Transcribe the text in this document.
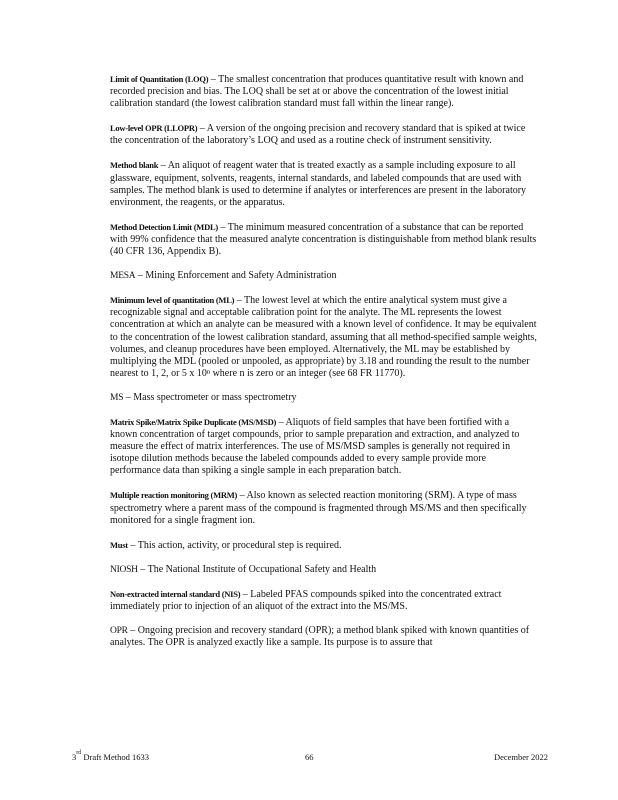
Limit of Quantitation (LOQ) – The smallest concentration that produces quantitative result with known and recorded precision and bias. The LOQ shall be set at or above the concentration of the lowest initial calibration standard (the lowest calibration standard must fall within the linear range).

Low-level OPR (LLOPR) – A version of the ongoing precision and recovery standard that is spiked at twice the concentration of the laboratory’s LOQ and used as a routine check of instrument sensitivity.

Method blank – An aliquot of reagent water that is treated exactly as a sample including exposure to all glassware, equipment, solvents, reagents, internal standards, and labeled compounds that are used with samples. The method blank is used to determine if analytes or interferences are present in the laboratory environment, the reagents, or the apparatus.

Method Detection Limit (MDL) – The minimum measured concentration of a substance that can be reported with 99% confidence that the measured analyte concentration is distinguishable from method blank results (40 CFR 136, Appendix B).

MESA – Mining Enforcement and Safety Administration

Minimum level of quantitation (ML) – The lowest level at which the entire analytical system must give a recognizable signal and acceptable calibration point for the analyte. The ML represents the lowest concentration at which an analyte can be measured with a known level of confidence. It may be equivalent to the concentration of the lowest calibration standard, assuming that all method-specified sample weights, volumes, and cleanup procedures have been employed. Alternatively, the ML may be established by multiplying the MDL (pooled or unpooled, as appropriate) by 3.18 and rounding the result to the number nearest to 1, 2, or 5 x 10ⁿ where n is zero or an integer (see 68 FR 11770).

MS – Mass spectrometer or mass spectrometry

Matrix Spike/Matrix Spike Duplicate (MS/MSD) – Aliquots of field samples that have been fortified with a known concentration of target compounds, prior to sample preparation and extraction, and analyzed to measure the effect of matrix interferences. The use of MS/MSD samples is generally not required in isotope dilution methods because the labeled compounds added to every sample provide more performance data than spiking a single sample in each preparation batch.

Multiple reaction monitoring (MRM) – Also known as selected reaction monitoring (SRM). A type of mass spectrometry where a parent mass of the compound is fragmented through MS/MS and then specifically monitored for a single fragment ion.

Must – This action, activity, or procedural step is required.

NIOSH – The National Institute of Occupational Safety and Health

Non-extracted internal standard (NIS) – Labeled PFAS compounds spiked into the concentrated extract immediately prior to injection of an aliquot of the extract into the MS/MS.

OPR – Ongoing precision and recovery standard (OPR); a method blank spiked with known quantities of analytes. The OPR is analyzed exactly like a sample. Its purpose is to assure that

3rd Draft Method 1633	66	December 2022
